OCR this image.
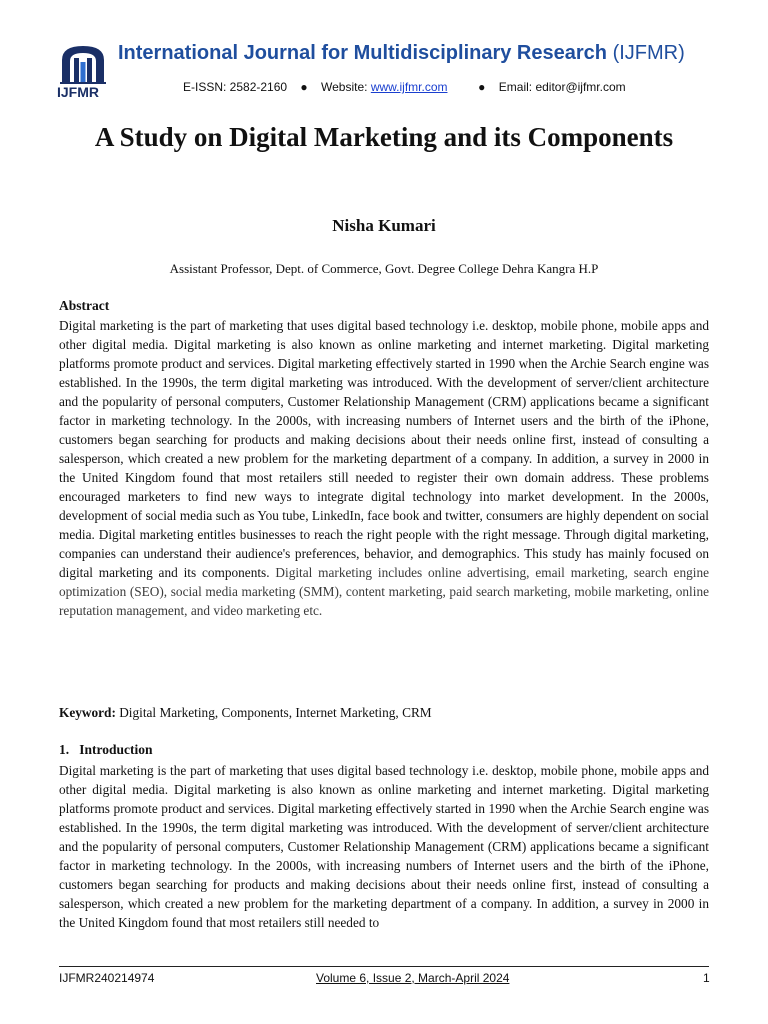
IJFMR
International Journal for Multidisciplinary Research (IJFMR)
E-ISSN: 2582-2160 ● Website: www.ijfmr.com	● Email: editor@ijfmr.com
A Study on Digital Marketing and its Components
Nisha Kumari
Assistant Professor, Dept. of Commerce, Govt. Degree College Dehra Kangra H.P
Abstract
Digital marketing is the part of marketing that uses digital based technology i.e. desktop, mobile phone, mobile apps and other digital media. Digital marketing is also known as online marketing and internet marketing. Digital marketing platforms promote product and services. Digital marketing effectively started in 1990 when the Archie Search engine was established. In the 1990s, the term digital marketing was introduced. With the development of server/client architecture and the popularity of personal computers, Customer Relationship Management (CRM) applications became a significant factor in marketing technology. In the 2000s, with increasing numbers of Internet users and the birth of the iPhone, customers began searching for products and making decisions about their needs online first, instead of consulting a salesperson, which created a new problem for the marketing department of a company. In addition, a survey in 2000 in the United Kingdom found that most retailers still needed to register their own domain address. These problems encouraged marketers to find new ways to integrate digital technology into market development. In the 2000s, development of social media such as You tube, LinkedIn, face book and twitter, consumers are highly dependent on social media. Digital marketing entitles businesses to reach the right people with the right message. Through digital marketing, companies can understand their audience's preferences, behavior, and demographics. This study has mainly focused on digital marketing and its components. Digital marketing includes online advertising, email marketing, search engine optimization (SEO), social media marketing (SMM), content marketing, paid search marketing, mobile marketing, online reputation management, and video marketing etc.
Keyword: Digital Marketing, Components, Internet Marketing, CRM
1.   Introduction
Digital marketing is the part of marketing that uses digital based technology i.e. desktop, mobile phone, mobile apps and other digital media. Digital marketing is also known as online marketing and internet marketing. Digital marketing platforms promote product and services. Digital marketing effectively started in 1990 when the Archie Search engine was established. In the 1990s, the term digital marketing was introduced. With the development of server/client architecture and the popularity of personal computers, Customer Relationship Management (CRM) applications became a significant factor in marketing technology. In the 2000s, with increasing numbers of Internet users and the birth of the iPhone, customers began searching for products and making decisions about their needs online first, instead of consulting a salesperson, which created a new problem for the marketing department of a company. In addition, a survey in 2000 in the United Kingdom found that most retailers still needed to
IJFMR240214974	Volume 6, Issue 2, March-April 2024	1
